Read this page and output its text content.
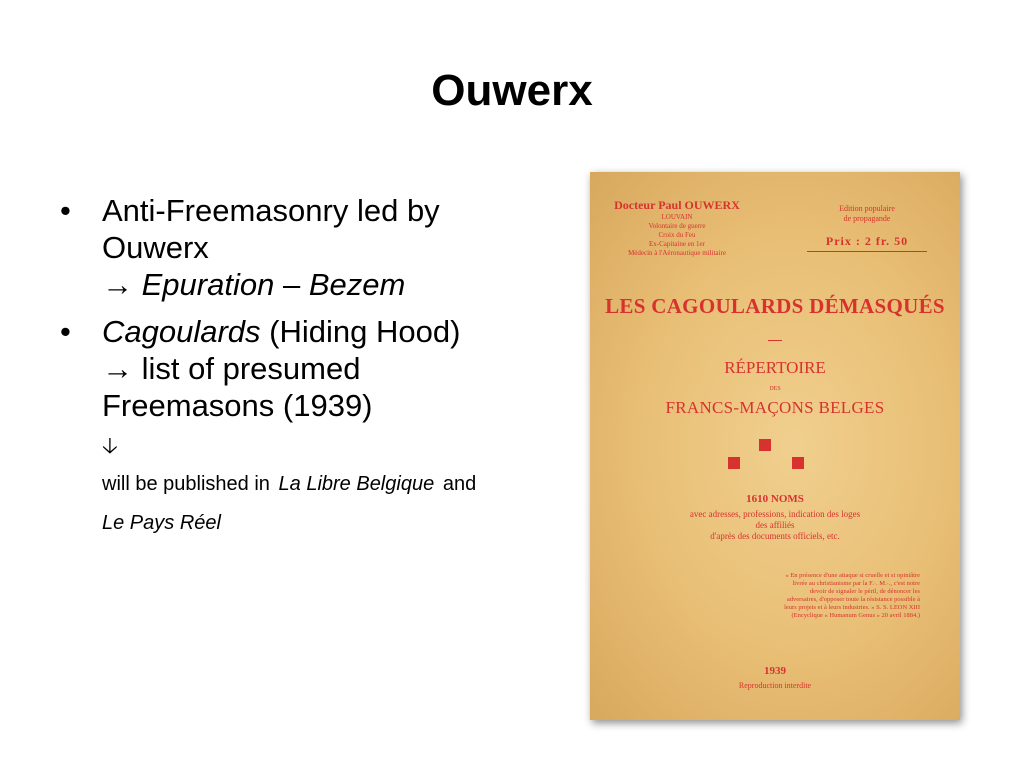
Ouwerx
• Anti-Freemasonry led by Ouwerx
→ Epuration – Bezem
• Cagoulards (Hiding Hood) → list of presumed Freemasons (1939)
🡣
will be published in La Libre Belgique and Le Pays Réel
Docteur Paul OUWERX
LOUVAIN
Volontaire de guerre
Croix du Feu
Ex-Capitaine en 1er
Médecin à l'Aéronautique militaire
Edition populaire
de propagande
Prix : 2 fr. 50
LES CAGOULARDS DÉMASQUÉS
RÉPERTOIRE
DES
FRANCS-MAÇONS BELGES
1610 NOMS
avec adresses, professions, indication des loges
des affiliés
d'après des documents officiels, etc.
« En présence d'une attaque si cruelle et si opiniâtre livrée au christianisme par la F.·. M.·., c'est notre devoir de signaler le péril, de dénoncer les adversaires, d'opposer toute la résistance possible à leurs projets et à leurs industries. » S. S. LEON XIII (Encyclique « Humanum Genus » 20 avril 1884.)
1939
Reproduction interdite
